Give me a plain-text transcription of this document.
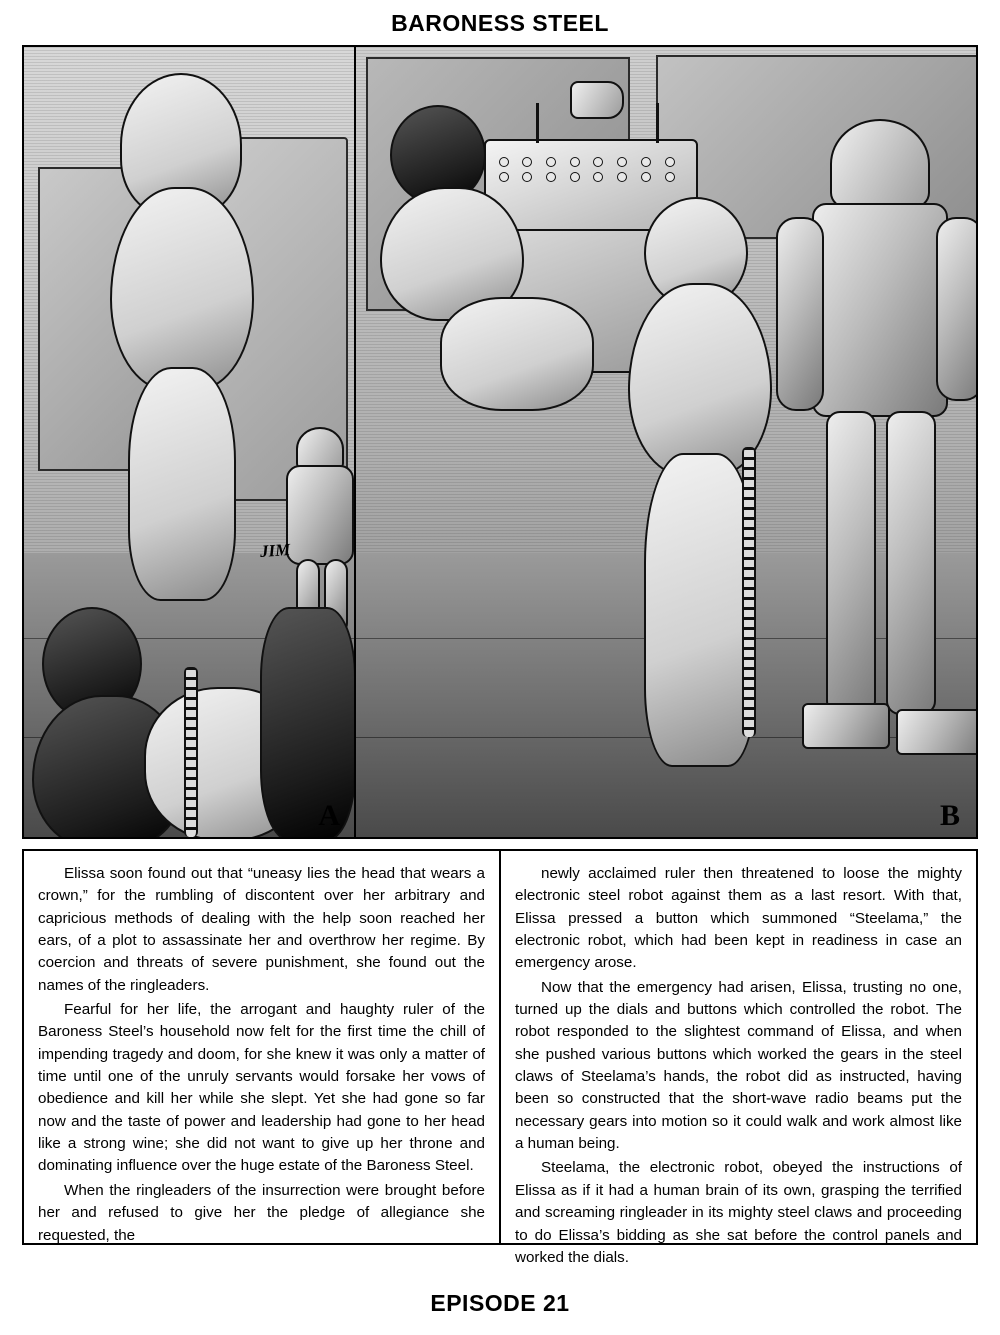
BARONESS STEEL
JIM
A	B

Elissa soon found out that “uneasy lies the head that wears a crown,” for the rumbling of discontent over her arbitrary and capricious methods of dealing with the help soon reached her ears, of a plot to assassinate her and overthrow her regime. By coercion and threats of severe punishment, she found out the names of the ringleaders.

Fearful for her life, the arrogant and haughty ruler of the Baroness Steel’s household now felt for the first time the chill of impending tragedy and doom, for she knew it was only a matter of time until one of the unruly servants would forsake her vows of obedience and kill her while she slept. Yet she had gone so far now and the taste of power and leadership had gone to her head like a strong wine; she did not want to give up her throne and dominating influence over the huge estate of the Baroness Steel.

When the ringleaders of the insurrection were brought before her and refused to give her the pledge of allegiance she requested, the

newly acclaimed ruler then threatened to loose the mighty electronic steel robot against them as a last resort. With that, Elissa pressed a button which summoned “Steelama,” the electronic robot, which had been kept in readiness in case an emergency arose.

Now that the emergency had arisen, Elissa, trusting no one, turned up the dials and buttons which controlled the robot. The robot responded to the slightest command of Elissa, and when she pushed various buttons which worked the gears in the steel claws of Steelama’s hands, the robot did as instructed, having been so constructed that the short-wave radio beams put the necessary gears into motion so it could walk and work almost like a human being.

Steelama, the electronic robot, obeyed the instructions of Elissa as if it had a human brain of its own, grasping the terrified and screaming ringleader in its mighty steel claws and proceeding to do Elissa’s bidding as she sat before the control panels and worked the dials.

EPISODE 21
